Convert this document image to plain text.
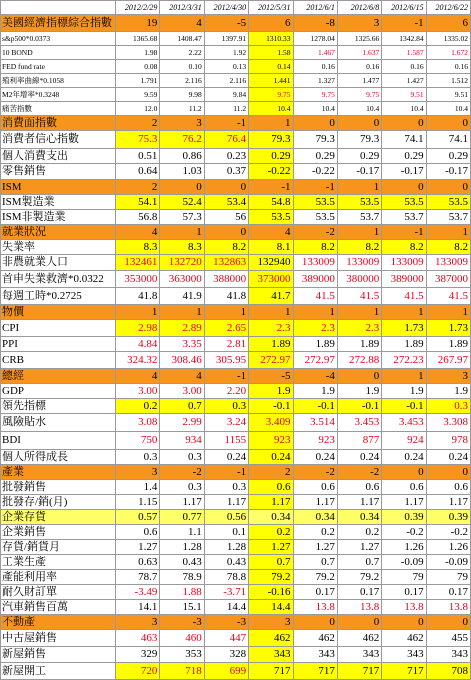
	2012/2/29	2012/3/31	2012/4/30	2012/5/31	2012/6/1	2012/6/8	2012/6/15	2012/6/22
美國經濟指標綜合指數	19	4	-5	6	-8	3	-1	6
s&p500*0.0373	1365.68	1408.47	1397.91	1310.33	1278.04	1325.66	1342.84	1335.02
10 BOND	1.98	2.22	1.92	1.58	1.467	1.637	1.587	1.672
FED fund rate	0.08	0.10	0.13	0.14	0.16	0.16	0.16	0.16
殖利率曲線*0.1058	1.791	2.116	2.116	1.441	1.327	1.477	1.427	1.512
M2年增率*0.3248	9.59	9.98	9.84	9.75	9.75	9.75	9.51	9.51
痛苦指數	12.0	11.2	11.2	10.4	10.4	10.4	10.4	10.4
消費面指數	2	3	-1	1	0	0	0	0
消費者信心指數	75.3	76.2	76.4	79.3	79.3	79.3	74.1	74.1
個人消費支出	0.51	0.86	0.23	0.29	0.29	0.29	0.29	0.29
零售銷售	0.64	1.03	0.37	-0.22	-0.22	-0.17	-0.17	-0.17
ISM	2	0	0	-1	-1	1	0	0
ISM製造業	54.1	52.4	53.4	54.8	53.5	53.5	53.5	53.5
ISM非製造業	56.8	57.3	56	53.5	53.5	53.7	53.7	53.7
就業狀況	4	1	0	4	-2	1	-1	1
失業率	8.3	8.3	8.2	8.1	8.2	8.2	8.2	8.2
非農就業人口	132461	132720	132863	132940	133009	133009	133009	133009
首申失業救濟*0.0322	353000	363000	388000	373000	389000	380000	389000	387000
每週工時*0.2725	41.8	41.9	41.8	41.7	41.5	41.5	41.5	41.5
物價	1	1	1	1	1	1	1	1
CPI	2.98	2.89	2.65	2.3	2.3	2.3	1.73	1.73
PPI	4.84	3.35	2.81	1.89	1.89	1.89	1.89	1.89
CRB	324.32	308.46	305.95	272.97	272.97	272.88	272.23	267.97
總經	4	4	-1	-5	-4	0	1	3
GDP	3.00	3.00	2.20	1.9	1.9	1.9	1.9	1.9
領先指標	0.2	0.7	0.3	-0.1	-0.1	-0.1	-0.1	0.3
風險貼水	3.08	2.99	3.24	3.409	3.514	3.453	3.453	3.308
BDI	750	934	1155	923	923	877	924	978
個人所得成長	0.3	0.3	0.24	0.24	0.24	0.24	0.24	0.24
產業	3	-2	-1	2	-2	-2	0	0
批發銷售	1.4	0.3	0.3	0.6	0.6	0.6	0.6	0.6
批發存/銷(月)	1.15	1.17	1.17	1.17	1.17	1.17	1.17	1.17
企業存貨	0.57	0.77	0.56	0.34	0.34	0.34	0.39	0.39
企業銷售	0.6	1.1	0.1	0.2	0.2	0.2	-0.2	-0.2
存貨/銷貨月	1.27	1.28	1.28	1.27	1.27	1.27	1.26	1.26
工業生產	0.63	0.43	0.43	0.7	0.7	0.7	-0.09	-0.09
產能利用率	78.7	78.9	78.8	79.2	79.2	79.2	79	79
耐久財訂單	-3.49	1.88	-3.71	-0.16	0.17	0.17	0.17	0.17
汽車銷售百萬	14.1	15.1	14.4	14.4	13.8	13.8	13.8	13.8
不動產	3	-3	-3	3	0	0	0	0
中古屋銷售	463	460	447	462	462	462	462	455
新屋銷售	329	353	328	343	343	343	343	343
新屋開工	720	718	699	717	717	717	717	708
